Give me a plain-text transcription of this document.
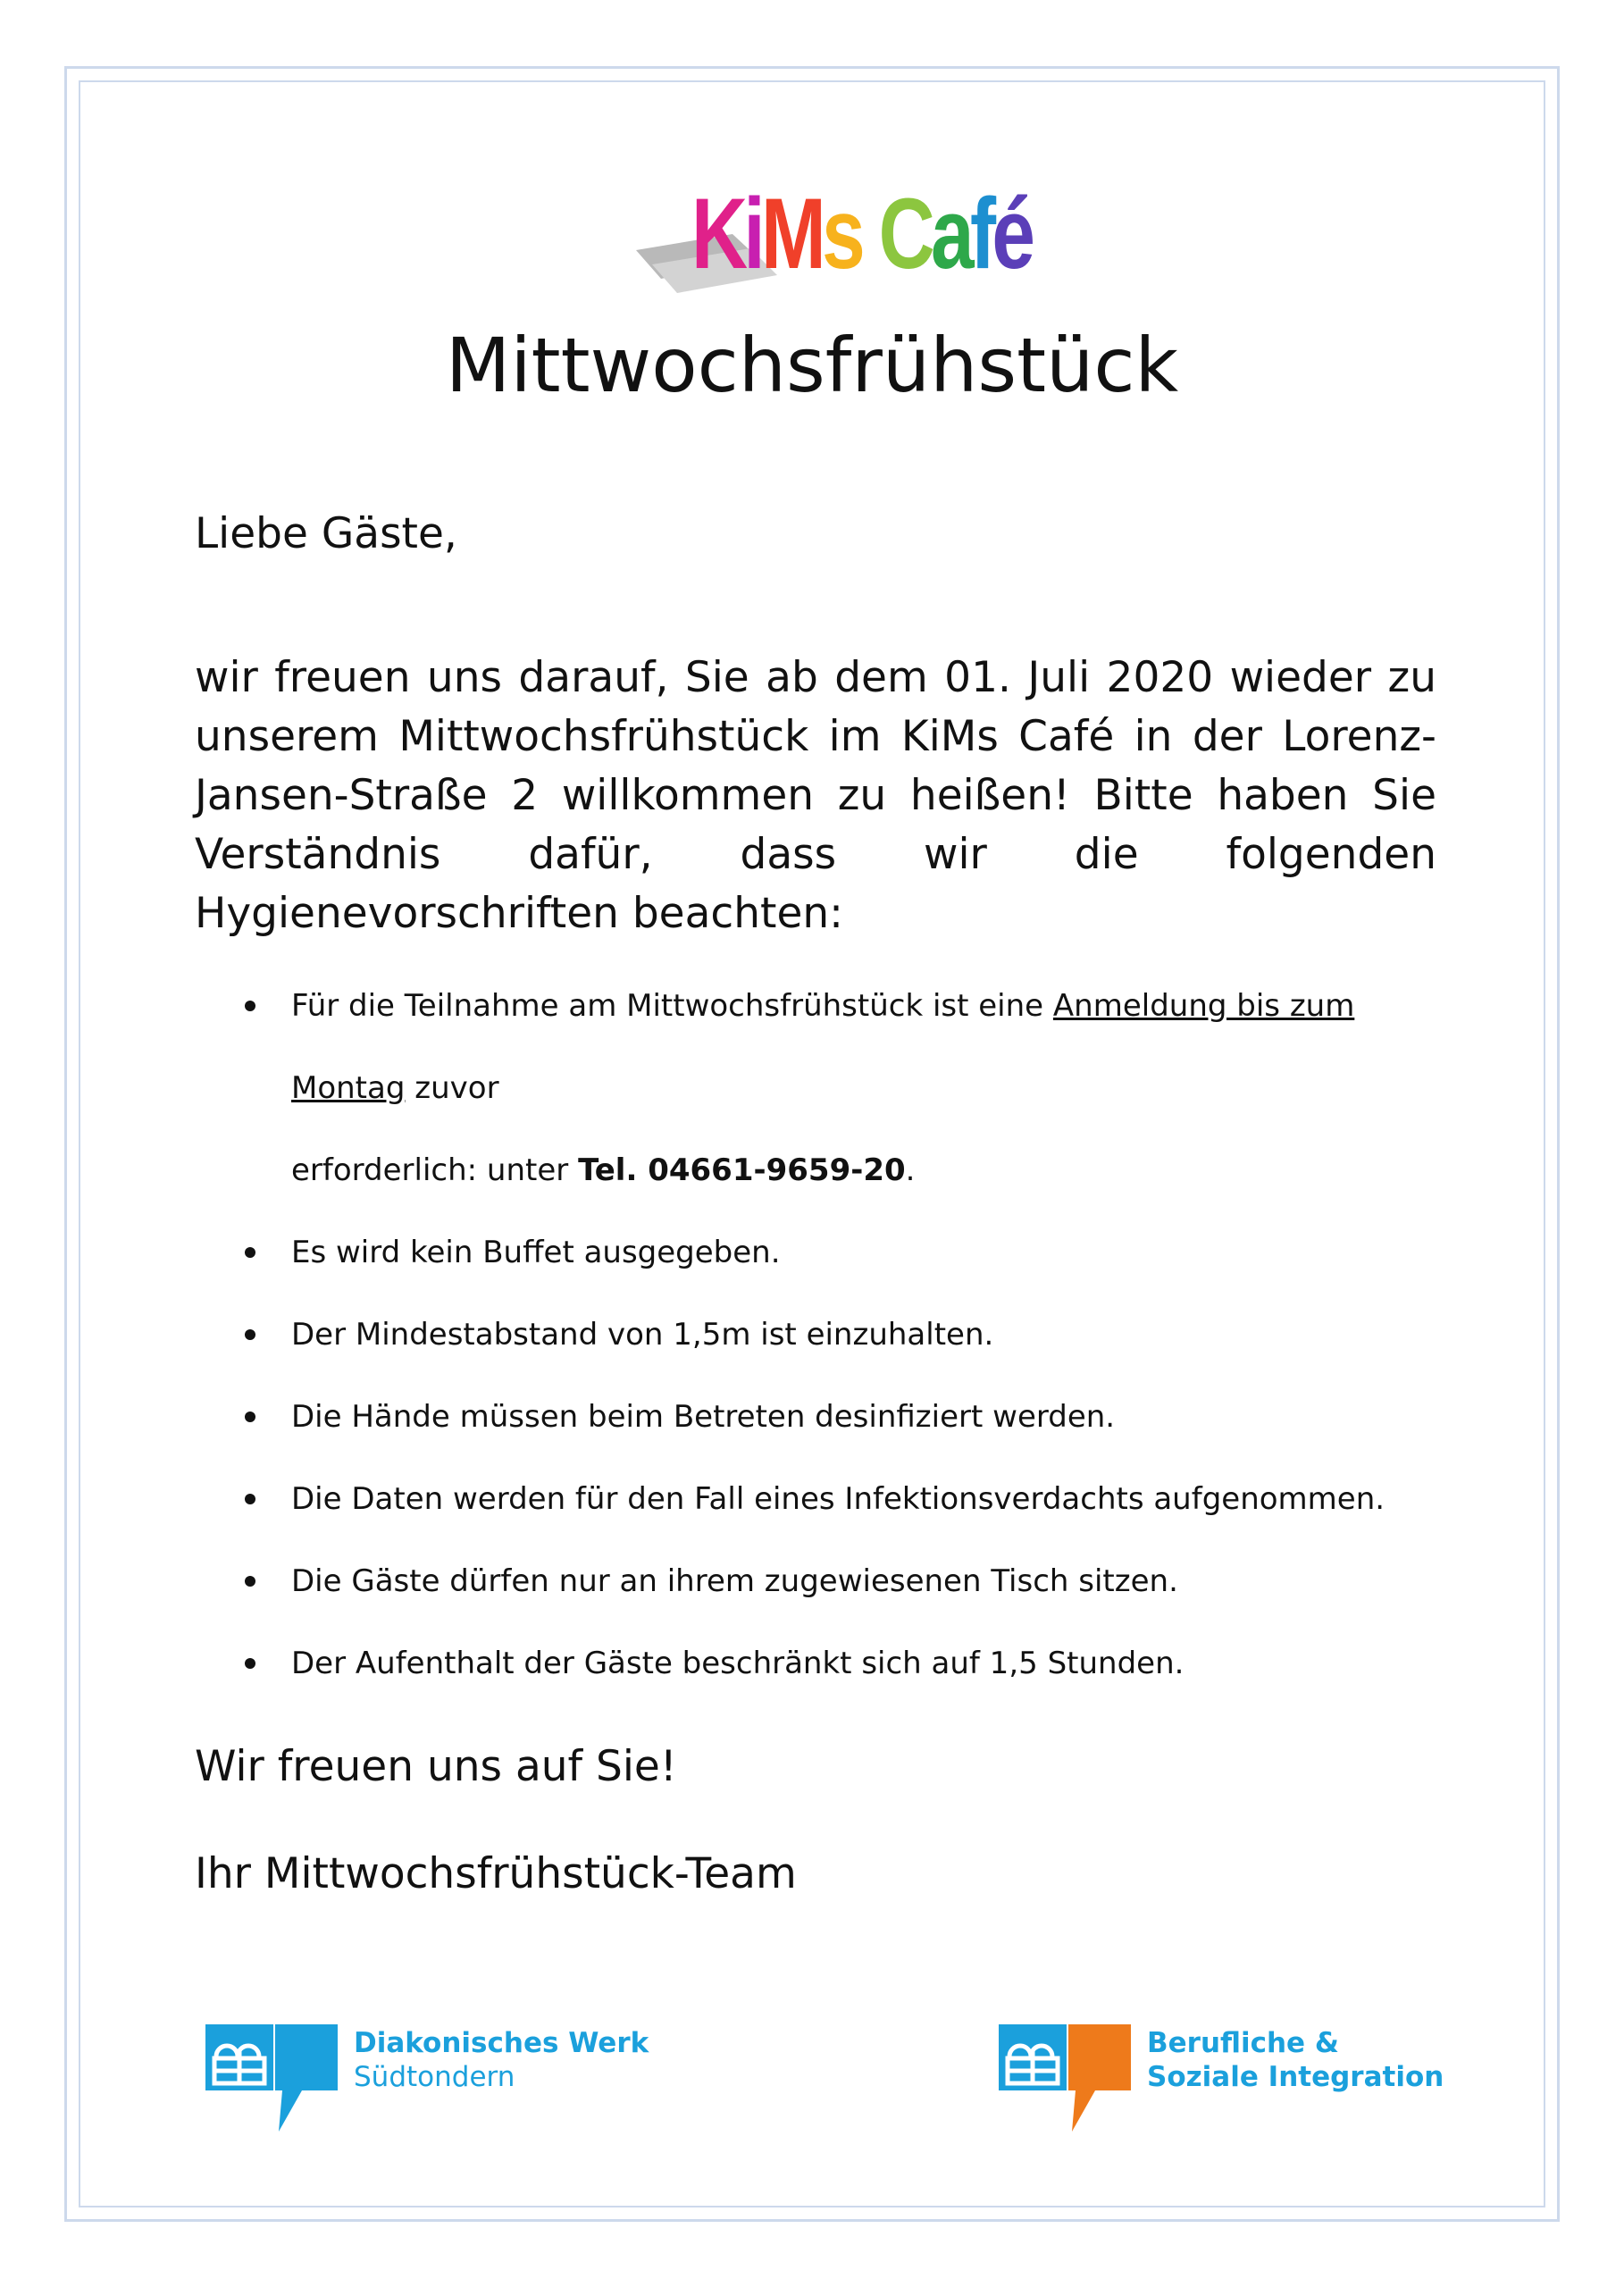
KiMs Café
Mittwochsfrühstück
Liebe Gäste,
wir freuen uns darauf, Sie ab dem 01. Juli 2020 wieder zu unserem Mittwochsfrühstück im KiMs Café in der Lorenz-Jansen-Straße 2 willkommen zu heißen! Bitte haben Sie Verständnis dafür, dass wir die folgenden Hygienevorschriften beachten:
Für die Teilnahme am Mittwochsfrühstück ist eine Anmeldung bis zum Montag zuvor
erforderlich: unter Tel. 04661-9659-20.
Es wird kein Buffet ausgegeben.
Der Mindestabstand von 1,5m ist einzuhalten.
Die Hände müssen beim Betreten desinfiziert werden.
Die Daten werden für den Fall eines Infektionsverdachts aufgenommen.
Die Gäste dürfen nur an ihrem zugewiesenen Tisch sitzen.
Der Aufenthalt der Gäste beschränkt sich auf 1,5 Stunden.
Wir freuen uns auf Sie!
Ihr Mittwochsfrühstück-Team
Diakonisches Werk
Südtondern
Berufliche &
Soziale Integration
